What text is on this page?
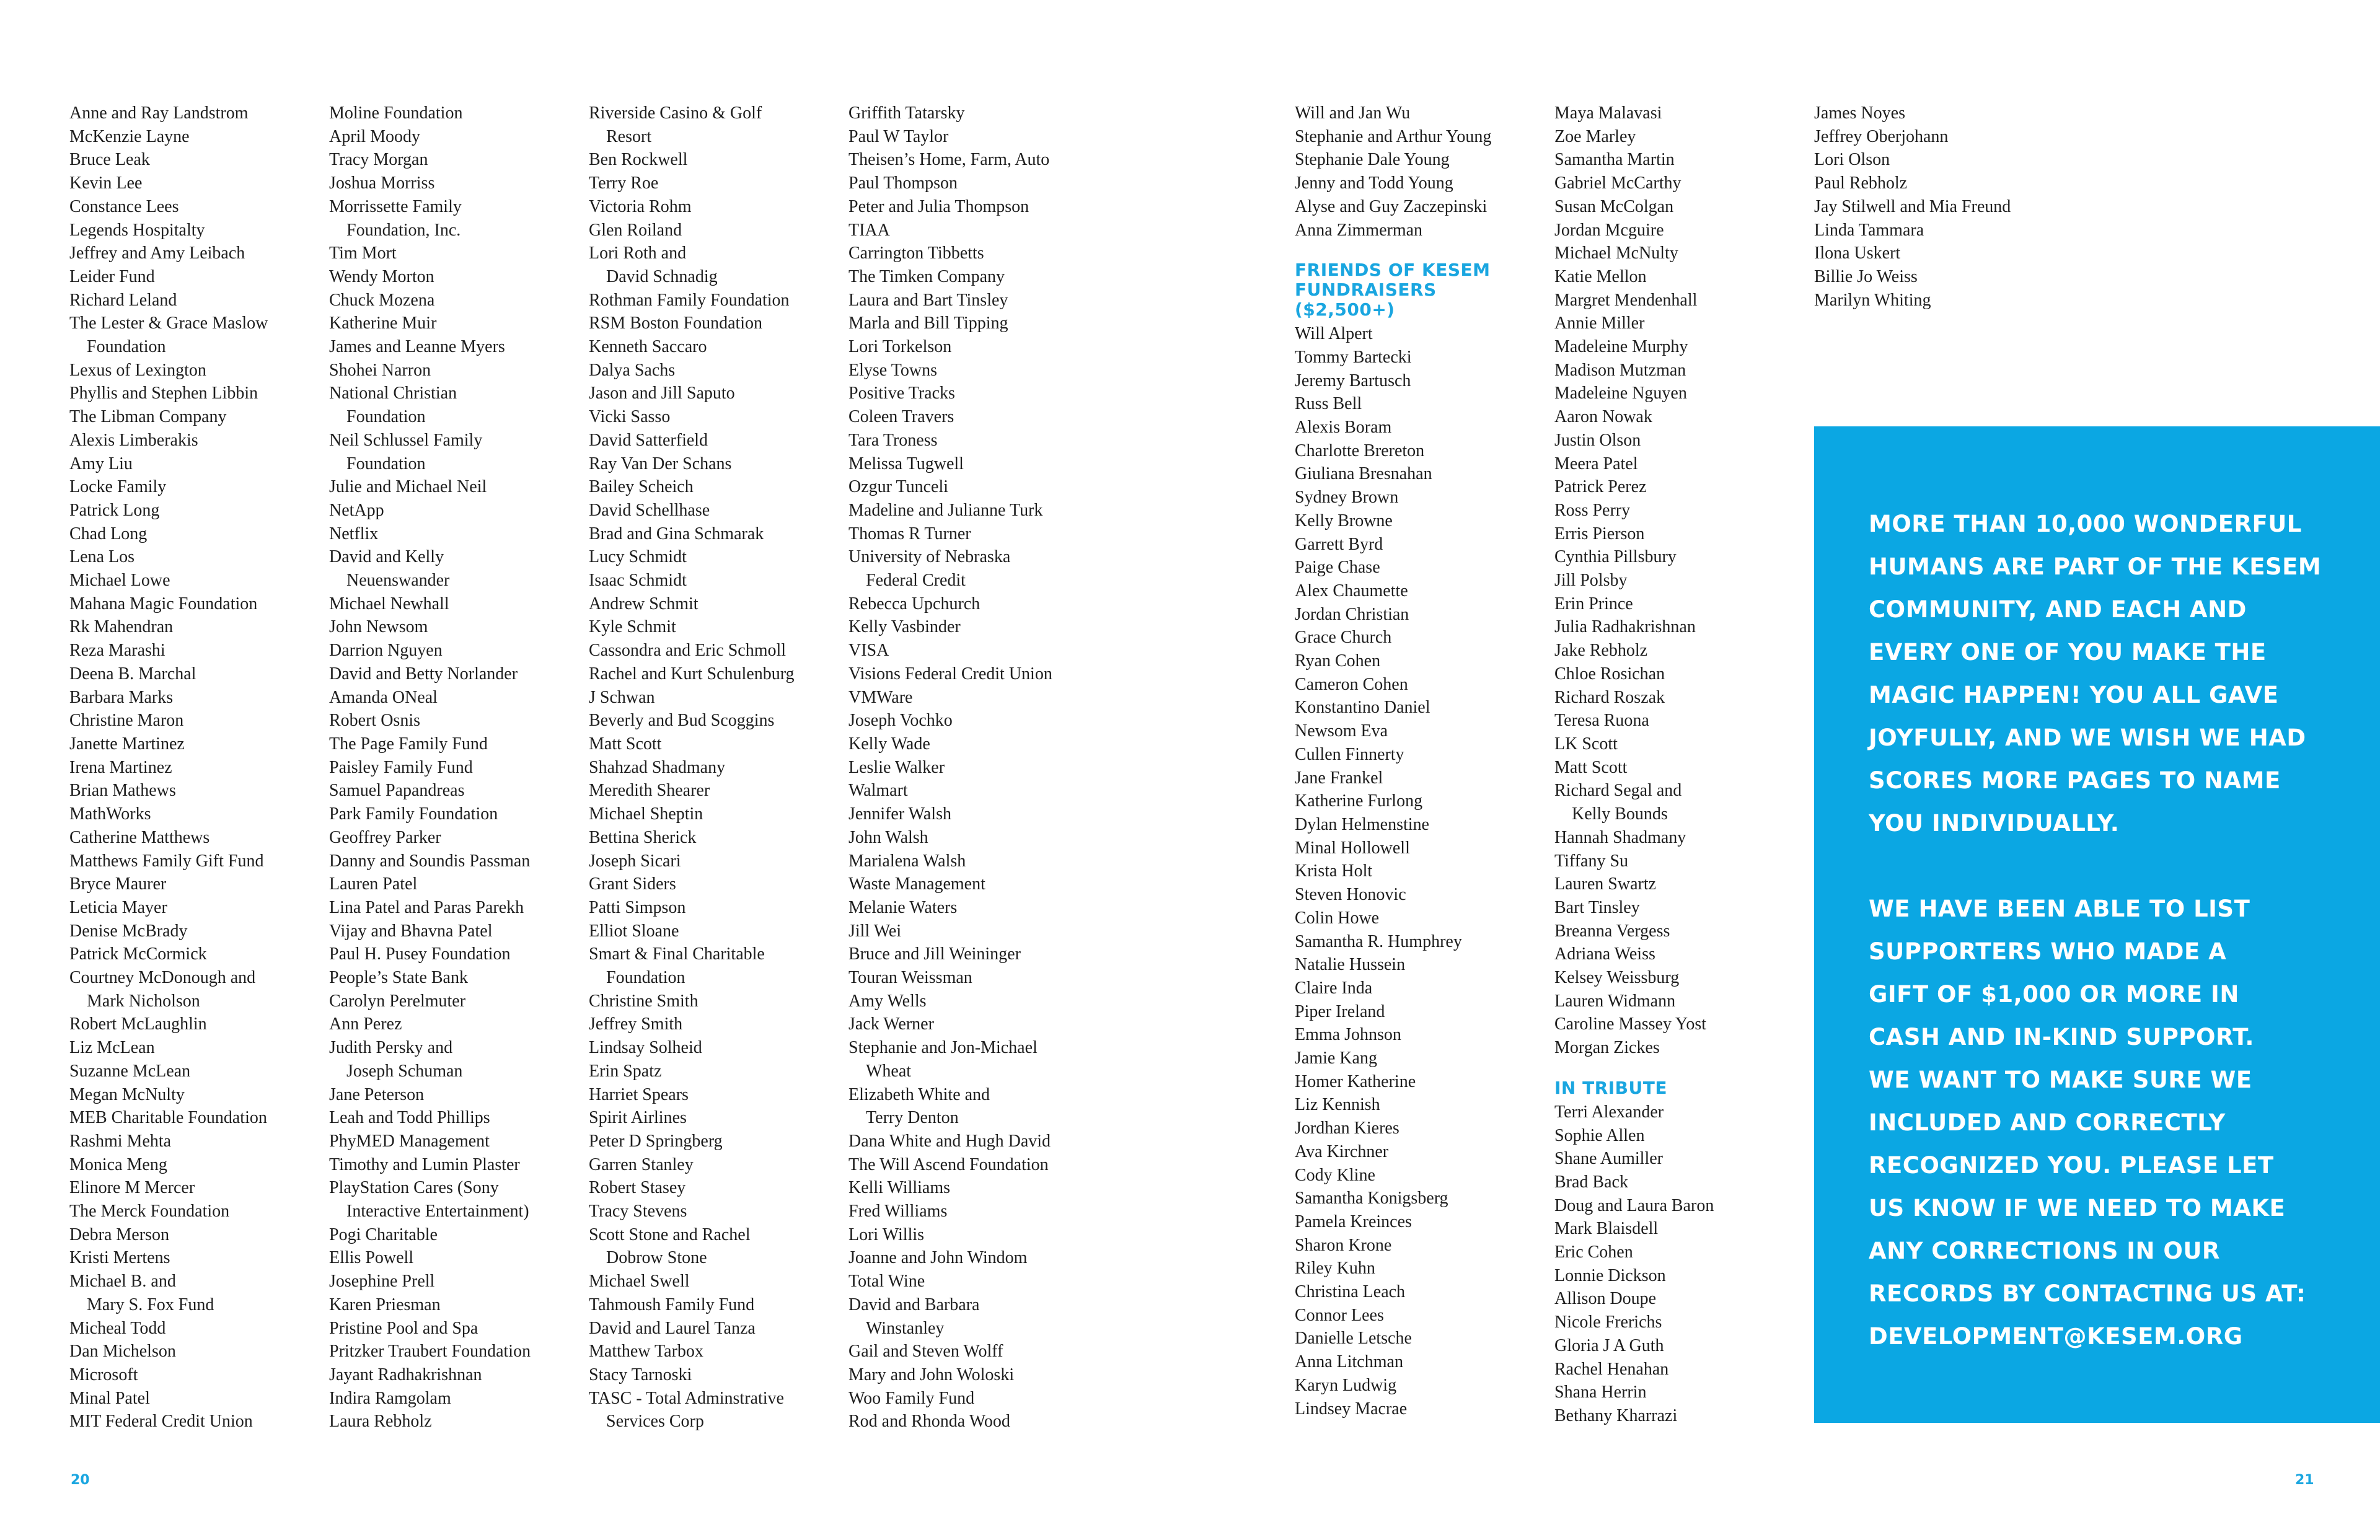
Anne and Ray Landstrom
McKenzie Layne
Bruce Leak
Kevin Lee
Constance Lees
Legends Hospitalty
Jeffrey and Amy Leibach
Leider Fund
Richard Leland
The Lester & Grace Maslow
Foundation
Lexus of Lexington
Phyllis and Stephen Libbin
The Libman Company
Alexis Limberakis
Amy Liu
Locke Family
Patrick Long
Chad Long
Lena Los
Michael Lowe
Mahana Magic Foundation
Rk Mahendran
Reza Marashi
Deena B. Marchal
Barbara Marks
Christine Maron
Janette Martinez
Irena Martinez
Brian Mathews
MathWorks
Catherine Matthews
Matthews Family Gift Fund
Bryce Maurer
Leticia Mayer
Denise McBrady
Patrick McCormick
Courtney McDonough and
Mark Nicholson
Robert McLaughlin
Liz McLean
Suzanne McLean
Megan McNulty
MEB Charitable Foundation
Rashmi Mehta
Monica Meng
Elinore M Mercer
The Merck Foundation
Debra Merson
Kristi Mertens
Michael B. and
Mary S. Fox Fund
Micheal Todd
Dan Michelson
Microsoft
Minal Patel
MIT Federal Credit Union
Moline Foundation
April Moody
Tracy Morgan
Joshua Morriss
Morrissette Family
Foundation, Inc.
Tim Mort
Wendy Morton
Chuck Mozena
Katherine Muir
James and Leanne Myers
Shohei Narron
National Christian
Foundation
Neil Schlussel Family
Foundation
Julie and Michael Neil
NetApp
Netflix
David and Kelly
Neuenswander
Michael Newhall
John Newsom
Darrion Nguyen
David and Betty Norlander
Amanda ONeal
Robert Osnis
The Page Family Fund
Paisley Family Fund
Samuel Papandreas
Park Family Foundation
Geoffrey Parker
Danny and Soundis Passman
Lauren Patel
Lina Patel and Paras Parekh
Vijay and Bhavna Patel
Paul H. Pusey Foundation
People’s State Bank
Carolyn Perelmuter
Ann Perez
Judith Persky and
Joseph Schuman
Jane Peterson
Leah and Todd Phillips
PhyMED Management
Timothy and Lumin Plaster
PlayStation Cares (Sony
Interactive Entertainment)
Pogi Charitable
Ellis Powell
Josephine Prell
Karen Priesman
Pristine Pool and Spa
Pritzker Traubert Foundation
Jayant Radhakrishnan
Indira Ramgolam
Laura Rebholz
Riverside Casino & Golf
Resort
Ben Rockwell
Terry Roe
Victoria Rohm
Glen Roiland
Lori Roth and
David Schnadig
Rothman Family Foundation
RSM Boston Foundation
Kenneth Saccaro
Dalya Sachs
Jason and Jill Saputo
Vicki Sasso
David Satterfield
Ray Van Der Schans
Bailey Scheich
David Schellhase
Brad and Gina Schmarak
Lucy Schmidt
Isaac Schmidt
Andrew Schmit
Kyle Schmit
Cassondra and Eric Schmoll
Rachel and Kurt Schulenburg
J Schwan
Beverly and Bud Scoggins
Matt Scott
Shahzad Shadmany
Meredith Shearer
Michael Sheptin
Bettina Sherick
Joseph Sicari
Grant Siders
Patti Simpson
Elliot Sloane
Smart & Final Charitable
Foundation
Christine Smith
Jeffrey Smith
Lindsay Solheid
Erin Spatz
Harriet Spears
Spirit Airlines
Peter D Springberg
Garren Stanley
Robert Stasey
Tracy Stevens
Scott Stone and Rachel
Dobrow Stone
Michael Swell
Tahmoush Family Fund
David and Laurel Tanza
Matthew Tarbox
Stacy Tarnoski
TASC - Total Adminstrative
Services Corp
Griffith Tatarsky
Paul W Taylor
Theisen’s Home, Farm, Auto
Paul Thompson
Peter and Julia Thompson
TIAA
Carrington Tibbetts
The Timken Company
Laura and Bart Tinsley
Marla and Bill Tipping
Lori Torkelson
Elyse Towns
Positive Tracks
Coleen Travers
Tara Troness
Melissa Tugwell
Ozgur Tunceli
Madeline and Julianne Turk
Thomas R Turner
University of Nebraska
Federal Credit
Rebecca Upchurch
Kelly Vasbinder
VISA
Visions Federal Credit Union
VMWare
Joseph Vochko
Kelly Wade
Leslie Walker
Walmart
Jennifer Walsh
John Walsh
Marialena Walsh
Waste Management
Melanie Waters
Jill Wei
Bruce and Jill Weininger
Touran Weissman
Amy Wells
Jack Werner
Stephanie and Jon-Michael
Wheat
Elizabeth White and
Terry Denton
Dana White and Hugh David
The Will Ascend Foundation
Kelli Williams
Fred Williams
Lori Willis
Joanne and John Windom
Total Wine
David and Barbara
Winstanley
Gail and Steven Wolff
Mary and John Woloski
Woo Family Fund
Rod and Rhonda Wood
20
Will and Jan Wu
Stephanie and Arthur Young
Stephanie Dale Young
Jenny and Todd Young
Alyse and Guy Zaczepinski
Anna Zimmerman
FRIENDS OF KESEM
FUNDRAISERS
($2,500+)
Will Alpert
Tommy Bartecki
Jeremy Bartusch
Russ Bell
Alexis Boram
Charlotte Brereton
Giuliana Bresnahan
Sydney Brown
Kelly Browne
Garrett Byrd
Paige Chase
Alex Chaumette
Jordan Christian
Grace Church
Ryan Cohen
Cameron Cohen
Konstantino Daniel
Newsom Eva
Cullen Finnerty
Jane Frankel
Katherine Furlong
Dylan Helmenstine
Minal Hollowell
Krista Holt
Steven Honovic
Colin Howe
Samantha R. Humphrey
Natalie Hussein
Claire Inda
Piper Ireland
Emma Johnson
Jamie Kang
Homer Katherine
Liz Kennish
Jordhan Kieres
Ava Kirchner
Cody Kline
Samantha Konigsberg
Pamela Kreinces
Sharon Krone
Riley Kuhn
Christina Leach
Connor Lees
Danielle Letsche
Anna Litchman
Karyn Ludwig
Lindsey Macrae
Maya Malavasi
Zoe Marley
Samantha Martin
Gabriel McCarthy
Susan McColgan
Jordan Mcguire
Michael McNulty
Katie Mellon
Margret Mendenhall
Annie Miller
Madeleine Murphy
Madison Mutzman
Madeleine Nguyen
Aaron Nowak
Justin Olson
Meera Patel
Patrick Perez
Ross Perry
Erris Pierson
Cynthia Pillsbury
Jill Polsby
Erin Prince
Julia Radhakrishnan
Jake Rebholz
Chloe Rosichan
Richard Roszak
Teresa Ruona
LK Scott
Matt Scott
Richard Segal and
Kelly Bounds
Hannah Shadmany
Tiffany Su
Lauren Swartz
Bart Tinsley
Breanna Vergess
Adriana Weiss
Kelsey Weissburg
Lauren Widmann
Caroline Massey Yost
Morgan Zickes
IN TRIBUTE
Terri Alexander
Sophie Allen
Shane Aumiller
Brad Back
Doug and Laura Baron
Mark Blaisdell
Eric Cohen
Lonnie Dickson
Allison Doupe
Nicole Frerichs
Gloria J A Guth
Rachel Henahan
Shana Herrin
Bethany Kharrazi
James Noyes
Jeffrey Oberjohann
Lori Olson
Paul Rebholz
Jay Stilwell and Mia Freund
Linda Tammara
Ilona Uskert
Billie Jo Weiss
Marilyn Whiting

MORE THAN 10,000 WONDERFUL
HUMANS ARE PART OF THE KESEM
COMMUNITY, AND EACH AND
EVERY ONE OF YOU MAKE THE
MAGIC HAPPEN! YOU ALL GAVE
JOYFULLY, AND WE WISH WE HAD
SCORES MORE PAGES TO NAME
YOU INDIVIDUALLY.

WE HAVE BEEN ABLE TO LIST
SUPPORTERS WHO MADE A
GIFT OF $1,000 OR MORE IN
CASH AND IN-KIND SUPPORT.
WE WANT TO MAKE SURE WE
INCLUDED AND CORRECTLY
RECOGNIZED YOU. PLEASE LET
US KNOW IF WE NEED TO MAKE
ANY CORRECTIONS IN OUR
RECORDS BY CONTACTING US AT:
DEVELOPMENT@KESEM.ORG

21
